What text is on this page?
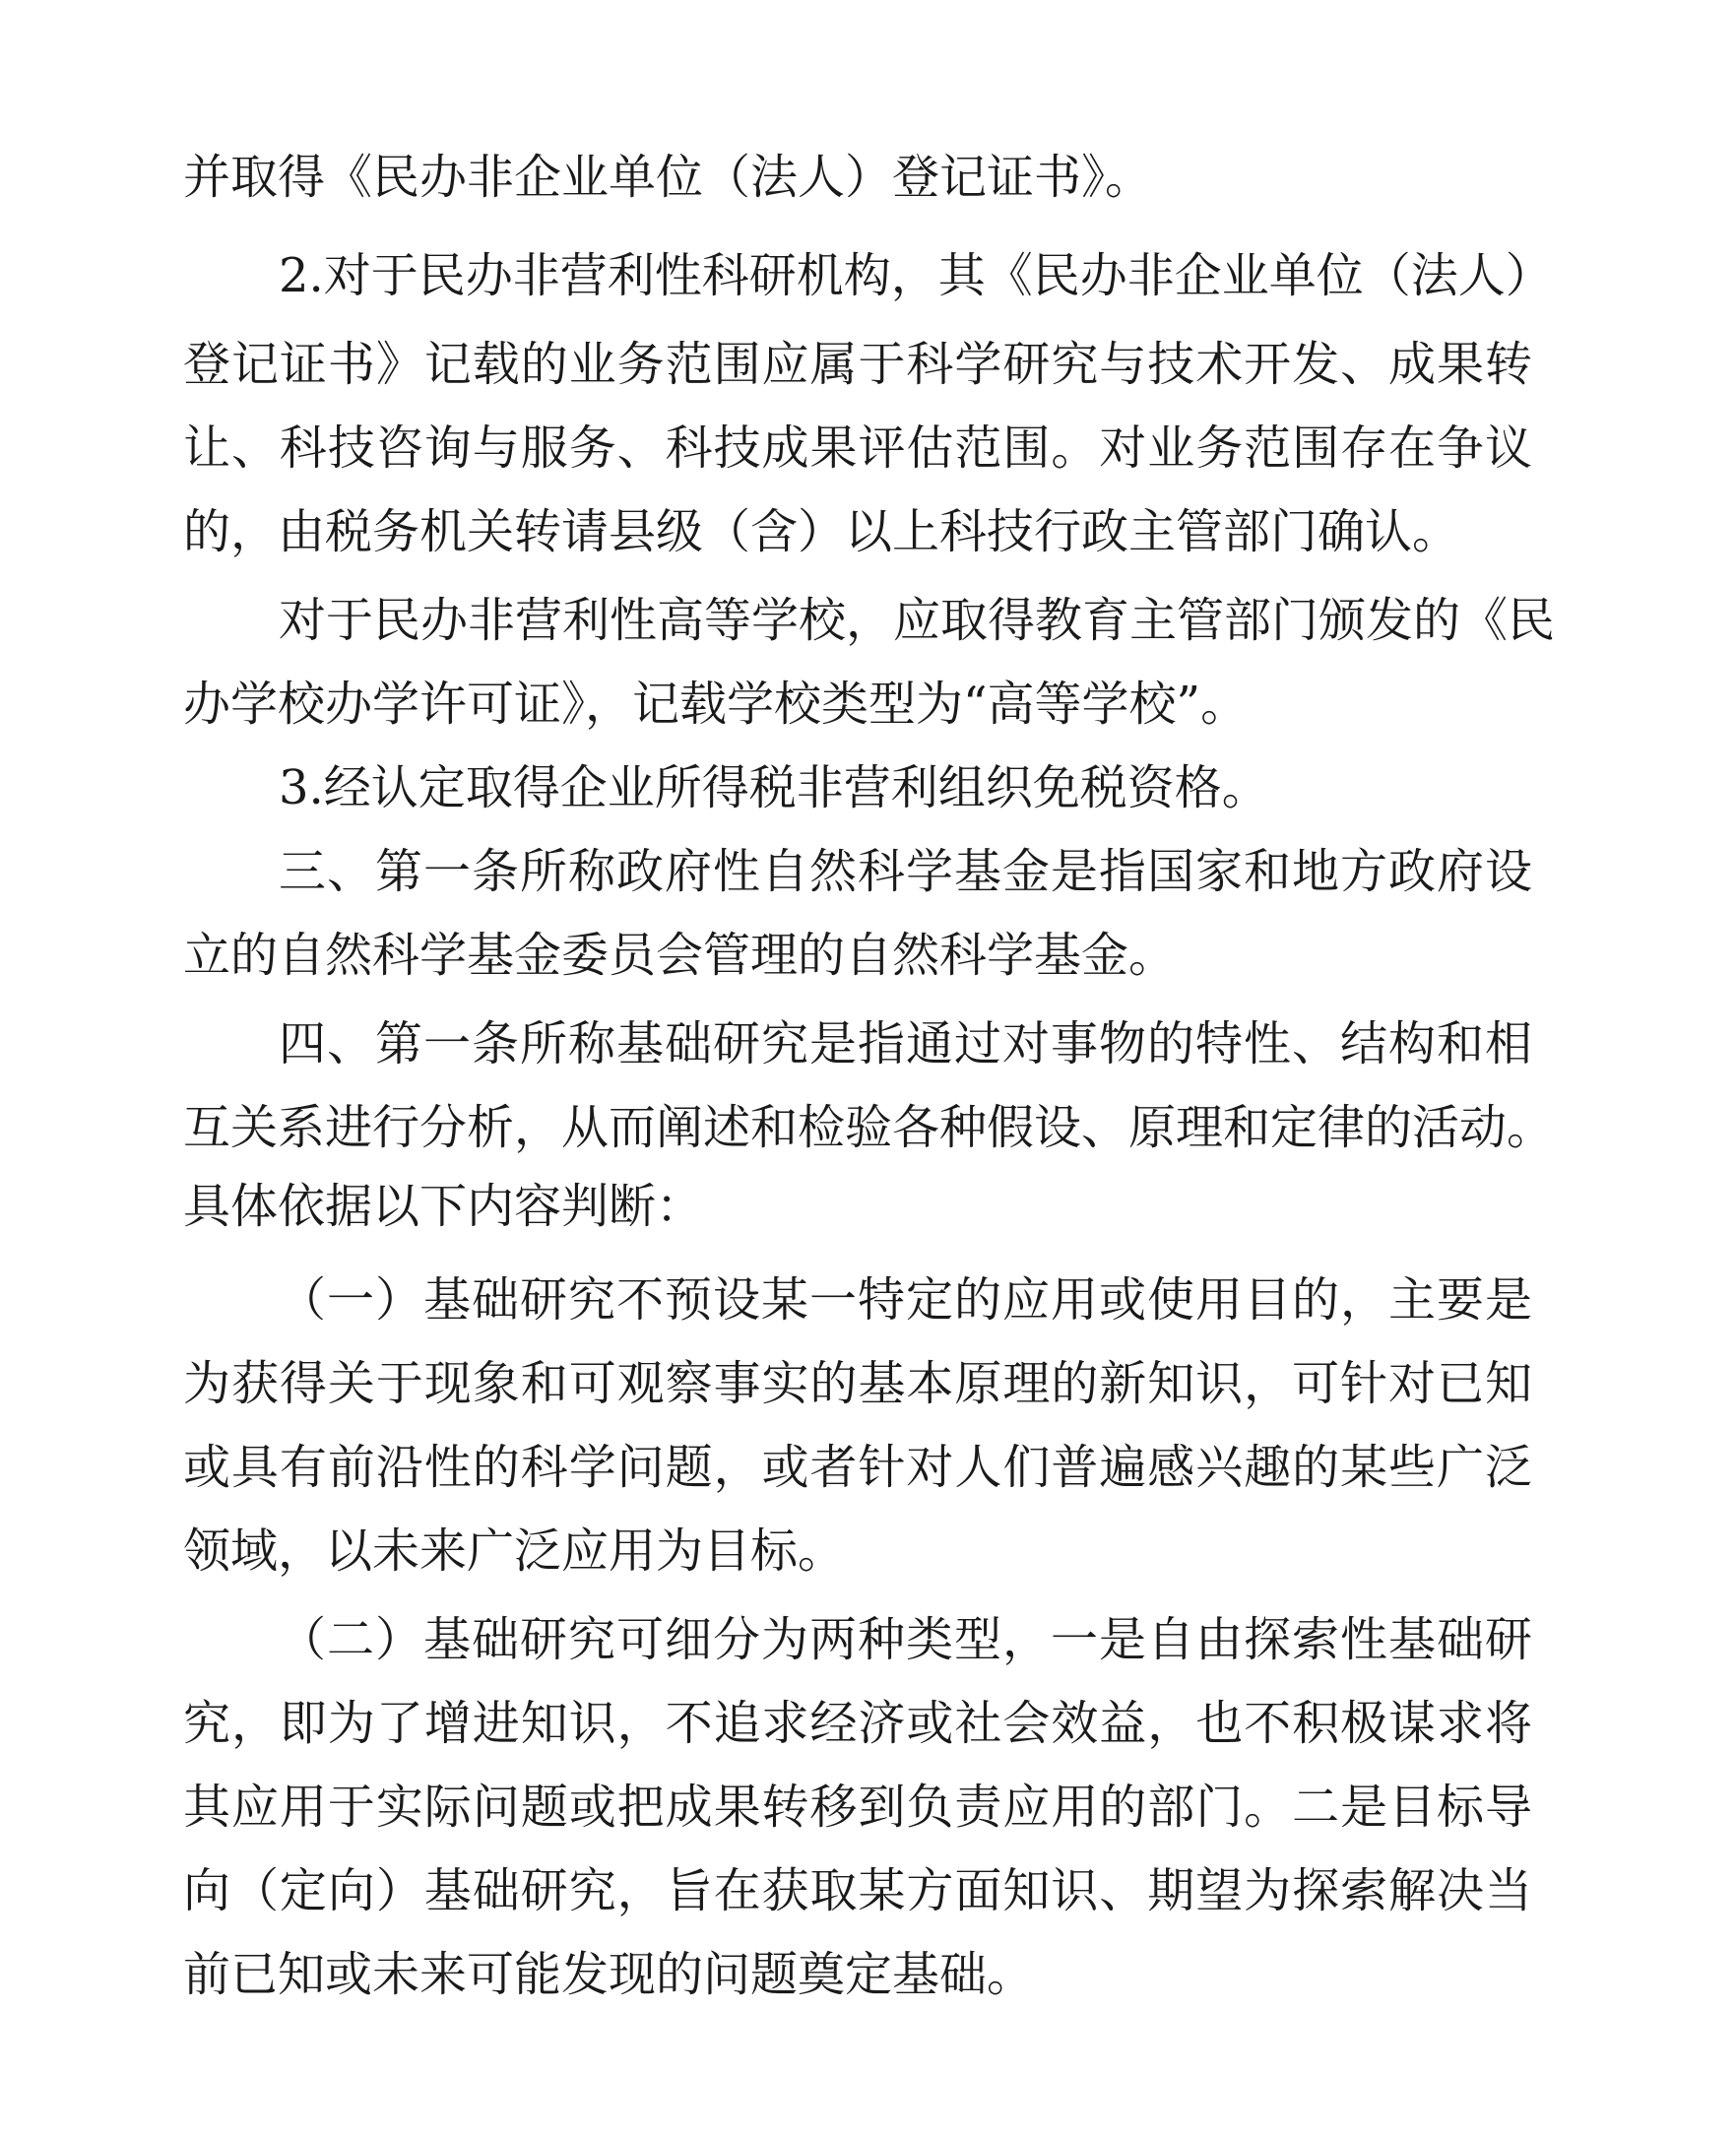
并取得《民办非企业单位（法人）登记证书》。
2.对于民办非营利性科研机构，其《民办非企业单位（法人）
登记证书》记载的业务范围应属于科学研究与技术开发、成果转
让、科技咨询与服务、科技成果评估范围。对业务范围存在争议
的，由税务机关转请县级（含）以上科技行政主管部门确认。
对于民办非营利性高等学校，应取得教育主管部门颁发的《民
办学校办学许可证》，记载学校类型为“高等学校”。
3.经认定取得企业所得税非营利组织免税资格。
三、第一条所称政府性自然科学基金是指国家和地方政府设
立的自然科学基金委员会管理的自然科学基金。
四、第一条所称基础研究是指通过对事物的特性、结构和相
互关系进行分析，从而阐述和检验各种假设、原理和定律的活动。
具体依据以下内容判断：
（一）基础研究不预设某一特定的应用或使用目的，主要是
为获得关于现象和可观察事实的基本原理的新知识，可针对已知
或具有前沿性的科学问题，或者针对人们普遍感兴趣的某些广泛
领域，以未来广泛应用为目标。
（二）基础研究可细分为两种类型，一是自由探索性基础研
究，即为了增进知识，不追求经济或社会效益，也不积极谋求将
其应用于实际问题或把成果转移到负责应用的部门。二是目标导
向（定向）基础研究，旨在获取某方面知识、期望为探索解决当
前已知或未来可能发现的问题奠定基础。
